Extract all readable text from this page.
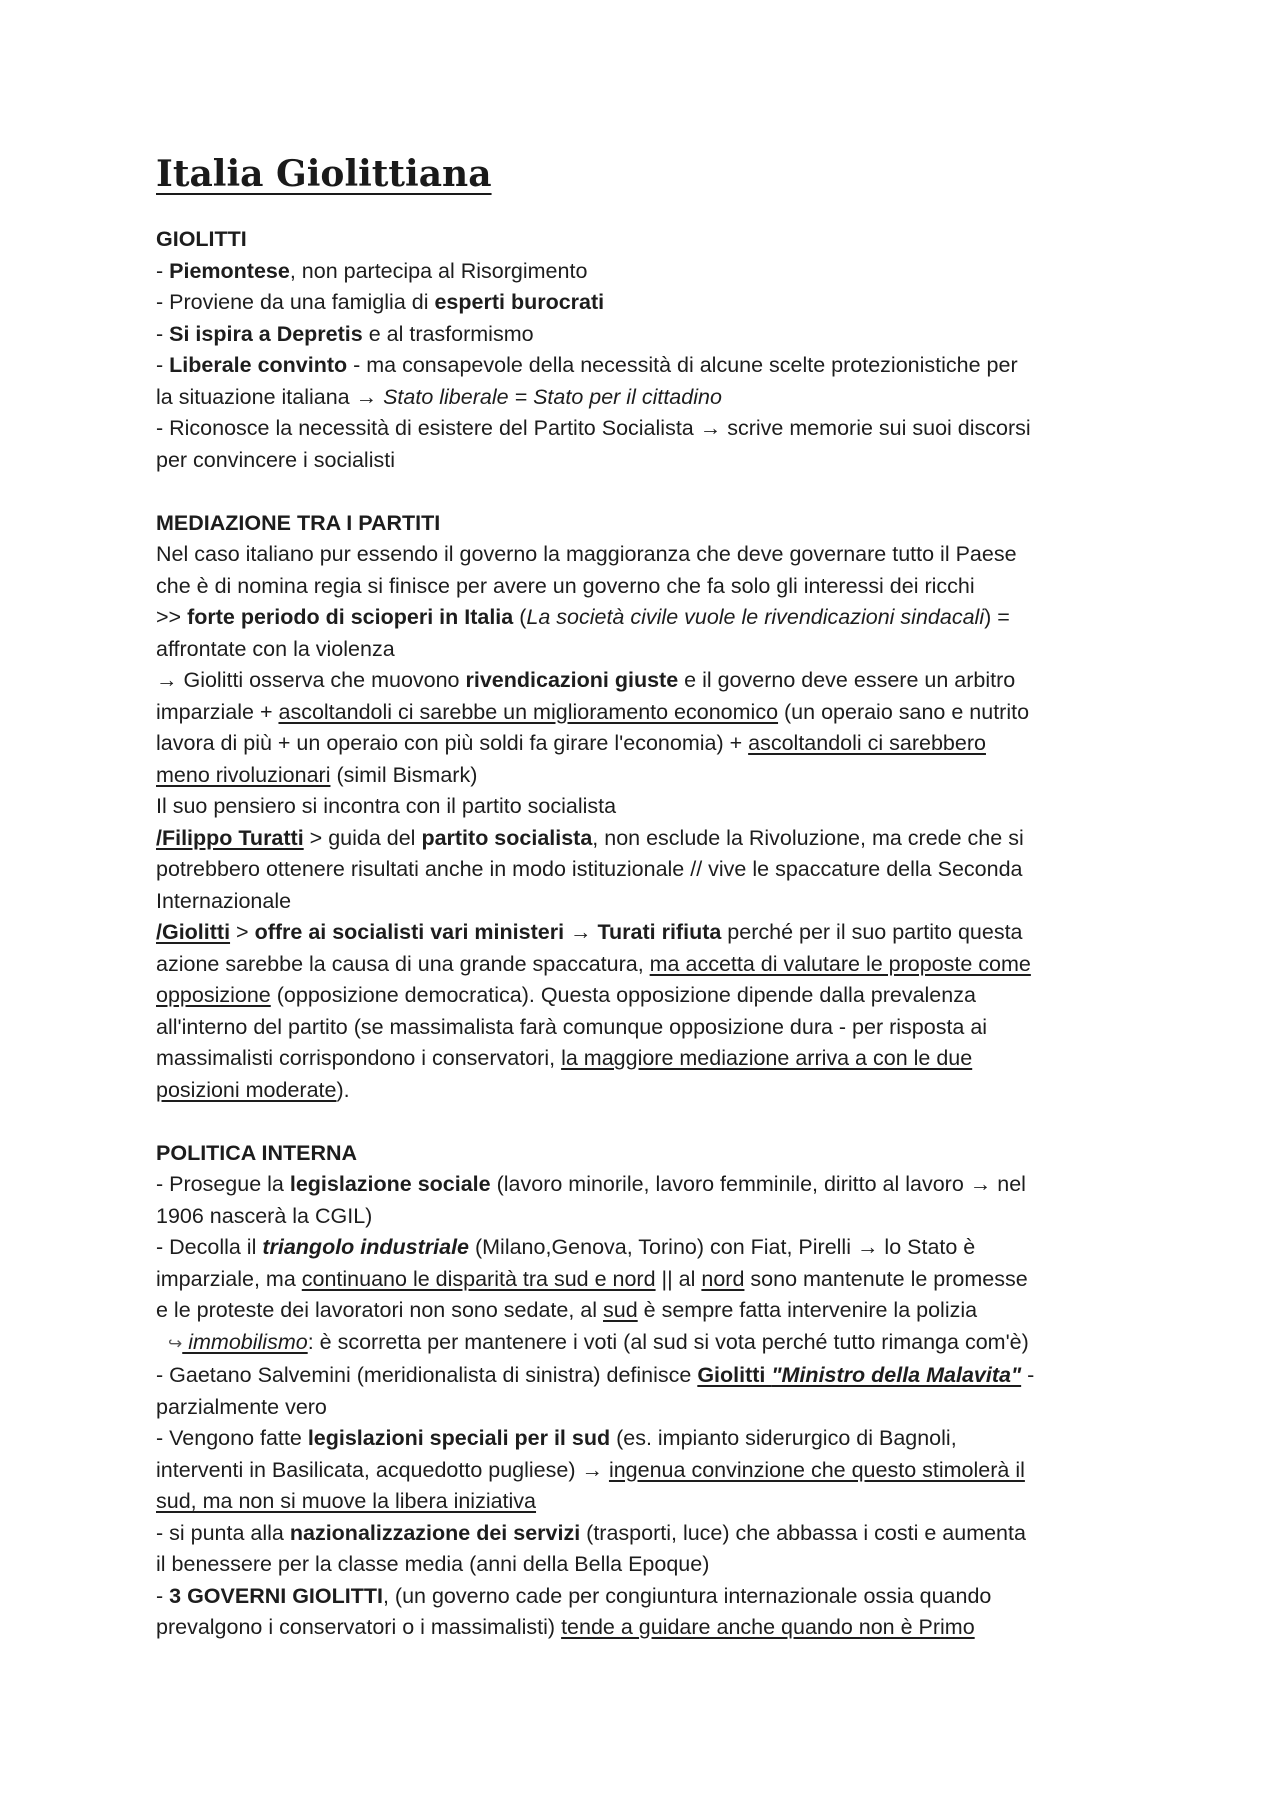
Italia Giolittiana
GIOLITTI
- Piemontese, non partecipa al Risorgimento
- Proviene da una famiglia di esperti burocrati
- Si ispira a Depretis e al trasformismo
- Liberale convinto - ma consapevole della necessità di alcune scelte protezionistiche per
la situazione italiana → Stato liberale = Stato per il cittadino
- Riconosce la necessità di esistere del Partito Socialista → scrive memorie sui suoi discorsi
per convincere i socialisti
MEDIAZIONE TRA I PARTITI
Nel caso italiano pur essendo il governo la maggioranza che deve governare tutto il Paese
che è di nomina regia si finisce per avere un governo che fa solo gli interessi dei ricchi
>> forte periodo di scioperi in Italia (La società civile vuole le rivendicazioni sindacali) =
affrontate con la violenza
→ Giolitti osserva che muovono rivendicazioni giuste e il governo deve essere un arbitro
imparziale + ascoltandoli ci sarebbe un miglioramento economico (un operaio sano e nutrito
lavora di più + un operaio con più soldi fa girare l'economia) + ascoltandoli ci sarebbero
meno rivoluzionari (simil Bismark)
Il suo pensiero si incontra con il partito socialista
/Filippo Turatti > guida del partito socialista, non esclude la Rivoluzione, ma crede che si
potrebbero ottenere risultati anche in modo istituzionale // vive le spaccature della Seconda
Internazionale
/Giolitti > offre ai socialisti vari ministeri → Turati rifiuta perché per il suo partito questa
azione sarebbe la causa di una grande spaccatura, ma accetta di valutare le proposte come
opposizione (opposizione democratica). Questa opposizione dipende dalla prevalenza
all'interno del partito (se massimalista farà comunque opposizione dura - per risposta ai
massimalisti corrispondono i conservatori, la maggiore mediazione arriva a con le due
posizioni moderate).
POLITICA INTERNA
- Prosegue la legislazione sociale (lavoro minorile, lavoro femminile, diritto al lavoro → nel
1906 nascerà la CGIL)
- Decolla il triangolo industriale (Milano,Genova, Torino) con Fiat, Pirelli → lo Stato è
imparziale, ma continuano le disparità tra sud e nord || al nord sono mantenute le promesse
e le proteste dei lavoratori non sono sedate, al sud è sempre fatta intervenire la polizia
↪ immobilismo: è scorretta per mantenere i voti (al sud si vota perché tutto rimanga com'è)
- Gaetano Salvemini (meridionalista di sinistra) definisce Giolitti "Ministro della Malavita" -
parzialmente vero
- Vengono fatte legislazioni speciali per il sud (es. impianto siderurgico di Bagnoli,
interventi in Basilicata, acquedotto pugliese) → ingenua convinzione che questo stimolerà il
sud, ma non si muove la libera iniziativa
- si punta alla nazionalizzazione dei servizi (trasporti, luce) che abbassa i costi e aumenta
il benessere per la classe media (anni della Bella Epoque)
- 3 GOVERNI GIOLITTI, (un governo cade per congiuntura internazionale ossia quando
prevalgono i conservatori o i massimalisti) tende a guidare anche quando non è Primo
